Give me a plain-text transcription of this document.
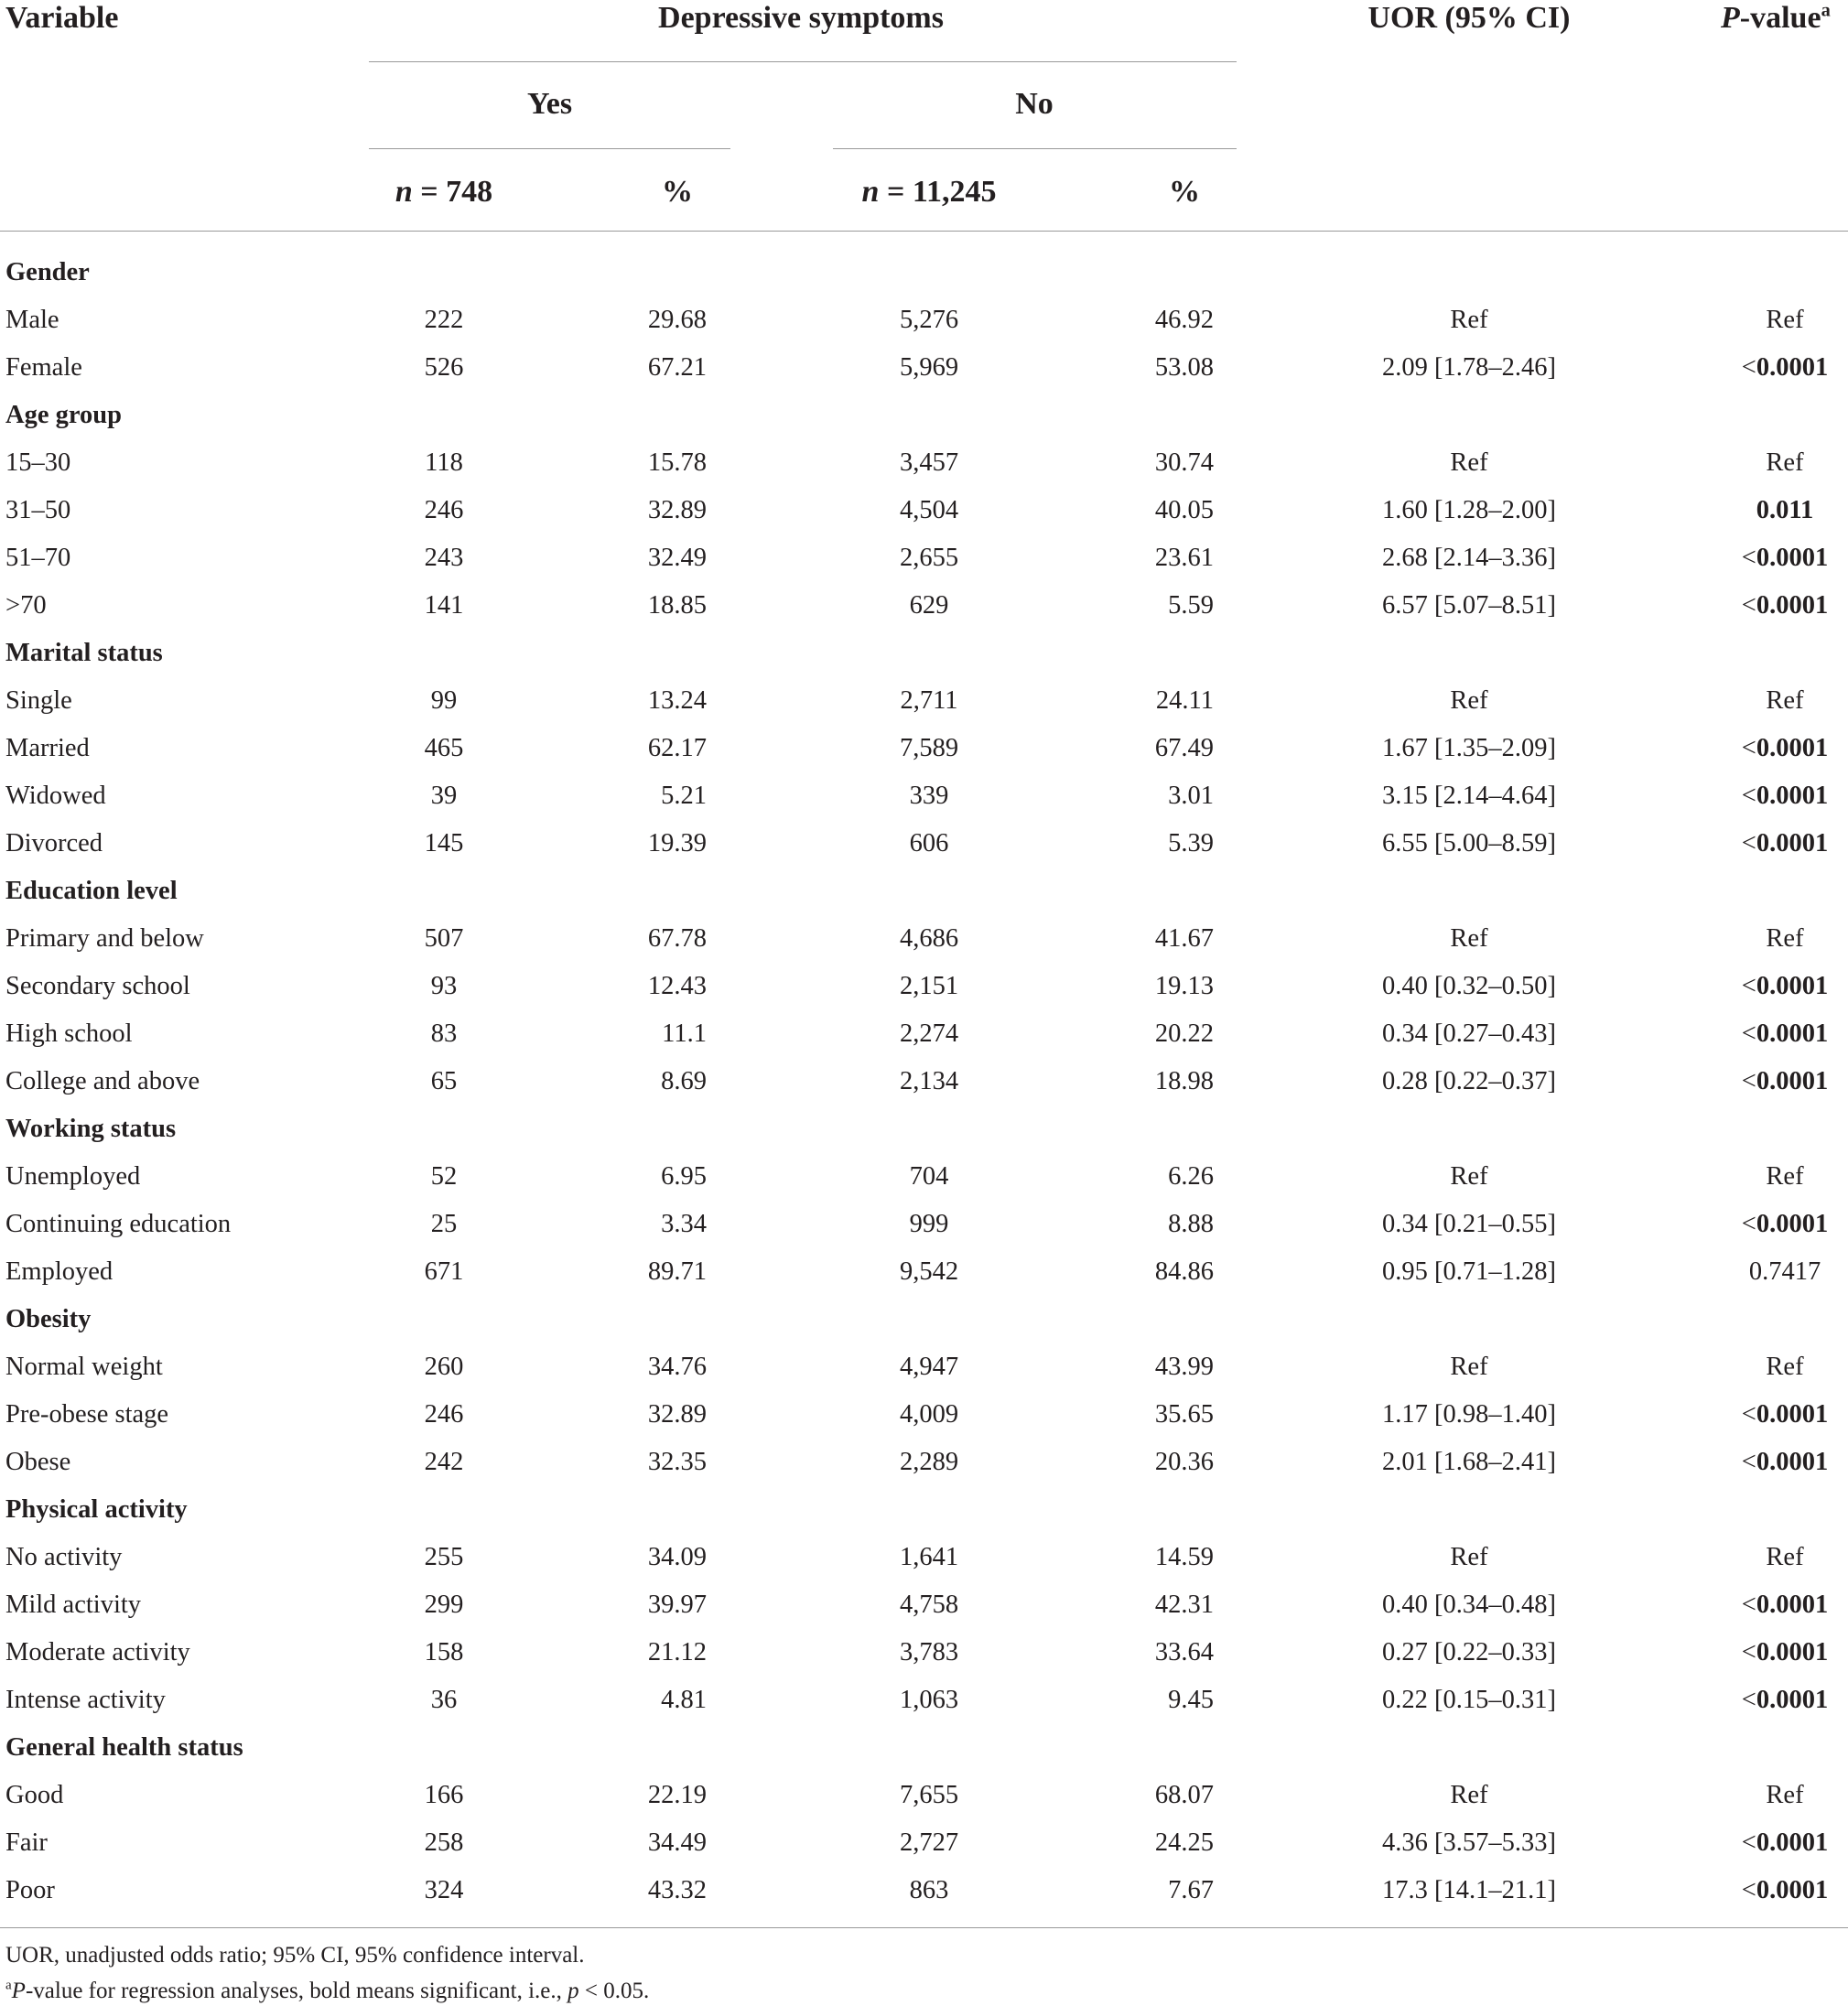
Variable	Depressive symptoms	UOR (95% CI)	P-value$^a$
Yes	No
n = 748	%	n = 11,245	%
Gender
Male	222	29.68	5,276	46.92	Ref	Ref
Female	526	67.21	5,969	53.08	2.09 [1.78–2.46]	<0.0001
Age group
15–30	118	15.78	3,457	30.74	Ref	Ref
31–50	246	32.89	4,504	40.05	1.60 [1.28–2.00]	0.011
51–70	243	32.49	2,655	23.61	2.68 [2.14–3.36]	<0.0001
>70	141	18.85	629	5.59	6.57 [5.07–8.51]	<0.0001
Marital status
Single	99	13.24	2,711	24.11	Ref	Ref
Married	465	62.17	7,589	67.49	1.67 [1.35–2.09]	<0.0001
Widowed	39	5.21	339	3.01	3.15 [2.14–4.64]	<0.0001
Divorced	145	19.39	606	5.39	6.55 [5.00–8.59]	<0.0001
Education level
Primary and below	507	67.78	4,686	41.67	Ref	Ref
Secondary school	93	12.43	2,151	19.13	0.40 [0.32–0.50]	<0.0001
High school	83	11.1	2,274	20.22	0.34 [0.27–0.43]	<0.0001
College and above	65	8.69	2,134	18.98	0.28 [0.22–0.37]	<0.0001
Working status
Unemployed	52	6.95	704	6.26	Ref	Ref
Continuing education	25	3.34	999	8.88	0.34 [0.21–0.55]	<0.0001
Employed	671	89.71	9,542	84.86	0.95 [0.71–1.28]	0.7417
Obesity
Normal weight	260	34.76	4,947	43.99	Ref	Ref
Pre-obese stage	246	32.89	4,009	35.65	1.17 [0.98–1.40]	<0.0001
Obese	242	32.35	2,289	20.36	2.01 [1.68–2.41]	<0.0001
Physical activity
No activity	255	34.09	1,641	14.59	Ref	Ref
Mild activity	299	39.97	4,758	42.31	0.40 [0.34–0.48]	<0.0001
Moderate activity	158	21.12	3,783	33.64	0.27 [0.22–0.33]	<0.0001
Intense activity	36	4.81	1,063	9.45	0.22 [0.15–0.31]	<0.0001
General health status
Good	166	22.19	7,655	68.07	Ref	Ref
Fair	258	34.49	2,727	24.25	4.36 [3.57–5.33]	<0.0001
Poor	324	43.32	863	7.67	17.3 [14.1–21.1]	<0.0001
UOR, unadjusted odds ratio; 95% CI, 95% confidence interval.
$^a$P-value for regression analyses, bold means significant, i.e., p < 0.05.
